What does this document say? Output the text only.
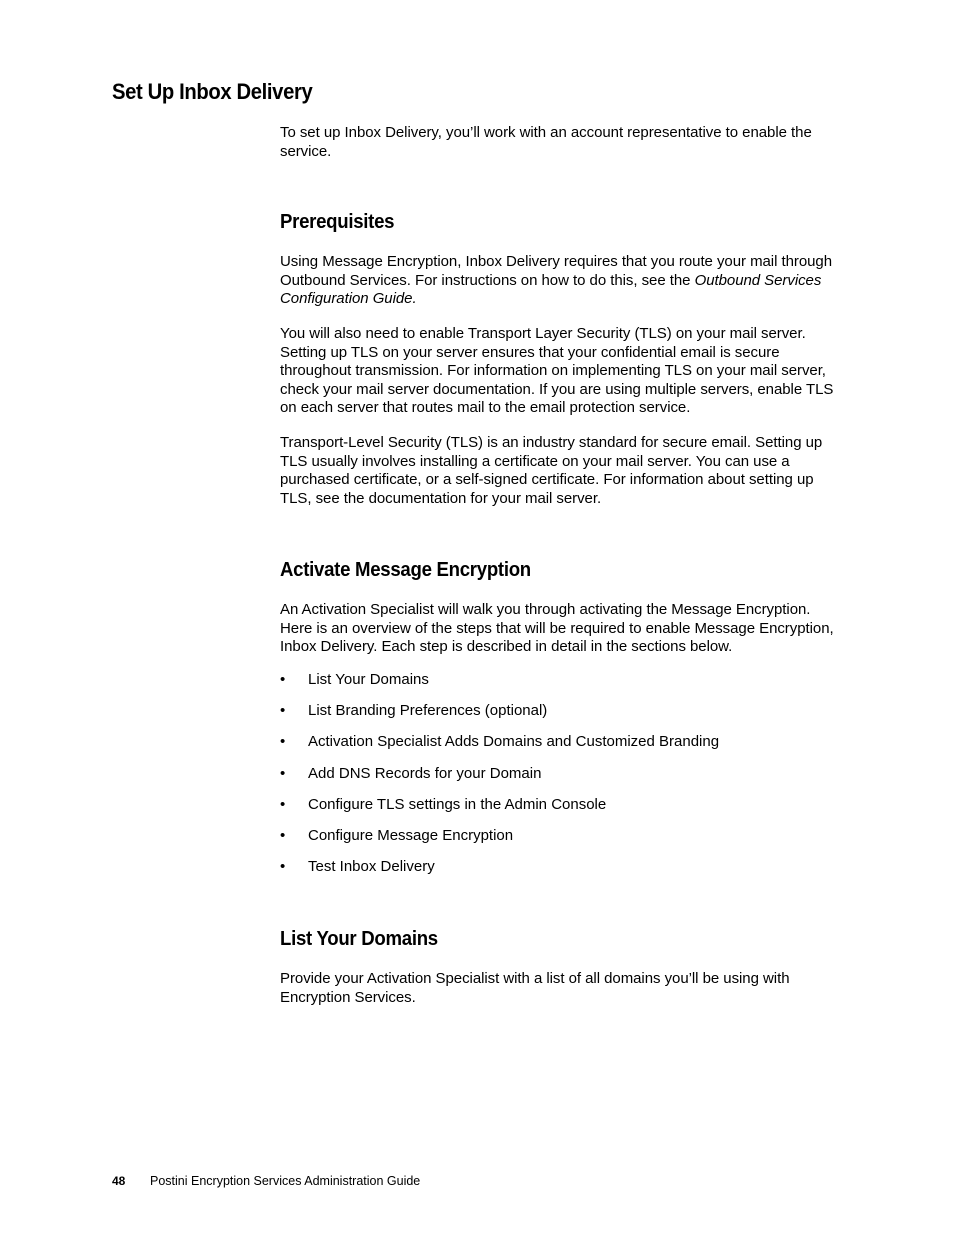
Set Up Inbox Delivery

To set up Inbox Delivery, you’ll work with an account representative to enable the service.

Prerequisites

Using Message Encryption, Inbox Delivery requires that you route your mail through Outbound Services. For instructions on how to do this, see the Outbound Services Configuration Guide.

You will also need to enable Transport Layer Security (TLS) on your mail server. Setting up TLS on your server ensures that your confidential email is secure throughout transmission. For information on implementing TLS on your mail server, check your mail server documentation. If you are using multiple servers, enable TLS on each server that routes mail to the email protection service.

Transport-Level Security (TLS) is an industry standard for secure email. Setting up TLS usually involves installing a certificate on your mail server. You can use a purchased certificate, or a self-signed certificate. For information about setting up TLS, see the documentation for your mail server.

Activate Message Encryption

An Activation Specialist will walk you through activating the Message Encryption. Here is an overview of the steps that will be required to enable Message Encryption, Inbox Delivery. Each step is described in detail in the sections below.

• List Your Domains
• List Branding Preferences (optional)
• Activation Specialist Adds Domains and Customized Branding
• Add DNS Records for your Domain
• Configure TLS settings in the Admin Console
• Configure Message Encryption
• Test Inbox Delivery
List Your Domains

Provide your Activation Specialist with a list of all domains you’ll be using with Encryption Services.

48 Postini Encryption Services Administration Guide
